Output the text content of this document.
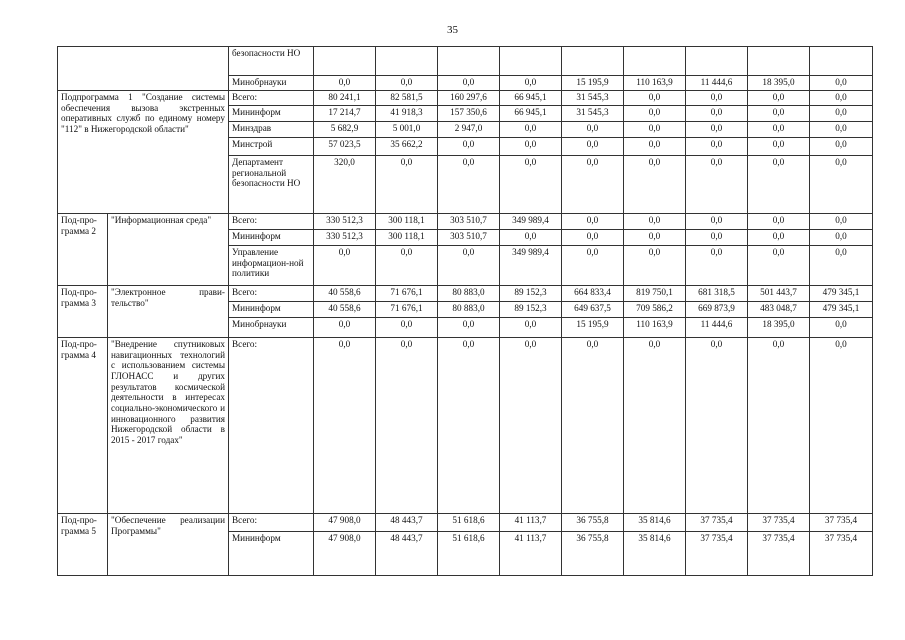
35
		безопасности НО									
		Минобрнауки	0,0	0,0	0,0	0,0	15 195,9	110 163,9	11 444,6	18 395,0	0,0
Подпрограмма 1 "Создание системы обеспечения вызова экстренных оперативных служб по единому номеру "112" в Нижегородской области"		Всего:	80 241,1	82 581,5	160 297,6	66 945,1	31 545,3	0,0	0,0	0,0	0,0
		Мининформ	17 214,7	41 918,3	157 350,6	66 945,1	31 545,3	0,0	0,0	0,0	0,0
		Минздрав	5 682,9	5 001,0	2 947,0	0,0	0,0	0,0	0,0	0,0	0,0
		Минстрой	57 023,5	35 662,2	0,0	0,0	0,0	0,0	0,0	0,0	0,0
		Департамент региональной безопасности НО	320,0	0,0	0,0	0,0	0,0	0,0	0,0	0,0	0,0
Под-про-грамма 2	"Информационная среда"	Всего:	330 512,3	300 118,1	303 510,7	349 989,4	0,0	0,0	0,0	0,0	0,0
		Мининформ	330 512,3	300 118,1	303 510,7	0,0	0,0	0,0	0,0	0,0	0,0
		Управление информацион-ной политики	0,0	0,0	0,0	349 989,4	0,0	0,0	0,0	0,0	0,0
Под-про-грамма 3	"Электронное прави-тельство"	Всего:	40 558,6	71 676,1	80 883,0	89 152,3	664 833,4	819 750,1	681 318,5	501 443,7	479 345,1
		Мининформ	40 558,6	71 676,1	80 883,0	89 152,3	649 637,5	709 586,2	669 873,9	483 048,7	479 345,1
		Минобрнауки	0,0	0,0	0,0	0,0	15 195,9	110 163,9	11 444,6	18 395,0	0,0
Под-про-грамма 4	"Внедрение спутниковых навигационных технологий с использованием системы ГЛОНАСС и других результатов космической деятельности в интересах социально-экономического и инновационного развития Нижегородской области в 2015 - 2017 годах"	Всего:	0,0	0,0	0,0	0,0	0,0	0,0	0,0	0,0	0,0
Под-про-грамма 5	"Обеспечение реализации Программы"	Всего:	47 908,0	48 443,7	51 618,6	41 113,7	36 755,8	35 814,6	37 735,4	37 735,4	37 735,4
		Мининформ	47 908,0	48 443,7	51 618,6	41 113,7	36 755,8	35 814,6	37 735,4	37 735,4	37 735,4
